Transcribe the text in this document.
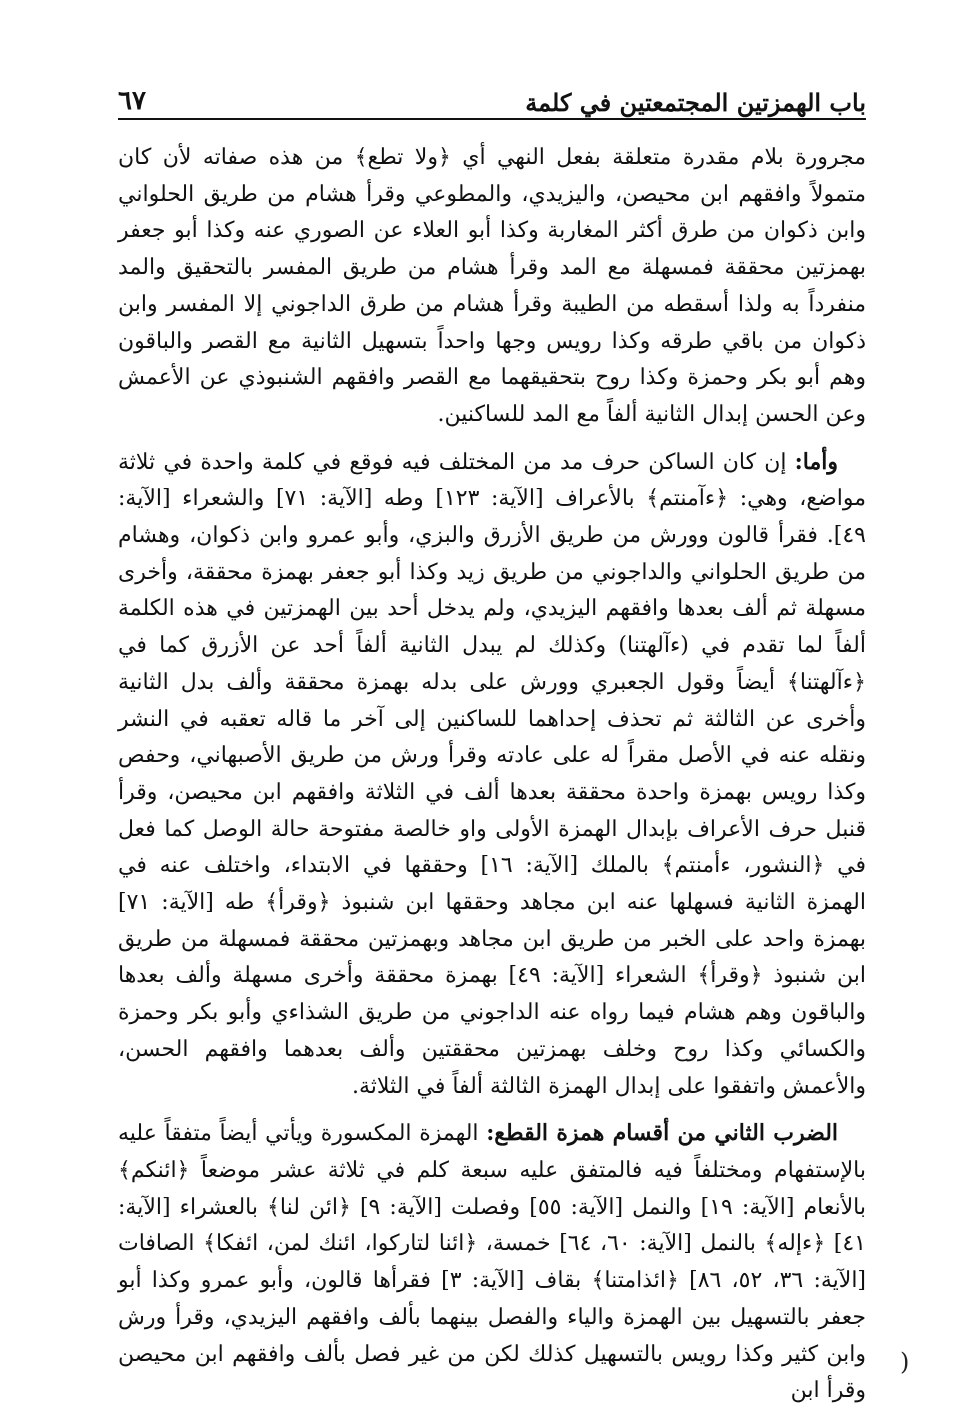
باب الهمزتين المجتمعتين في كلمة
٦٧

مجرورة بلام مقدرة متعلقة بفعل النهي أي ﴿ولا تطع﴾ من هذه صفاته لأن كان متمولاً وافقهم ابن محيصن، واليزيدي، والمطوعي وقرأ هشام من طريق الحلواني وابن ذكوان من طرق أكثر المغاربة وكذا أبو العلاء عن الصوري عنه وكذا أبو جعفر بهمزتين محققة فمسهلة مع المد وقرأ هشام من طريق المفسر بالتحقيق والمد منفرداً به ولذا أسقطه من الطيبة وقرأ هشام من طرق الداجوني إلا المفسر وابن ذكوان من باقي طرقه وكذا رويس وجها واحداً بتسهيل الثانية مع القصر والباقون وهم أبو بكر وحمزة وكذا روح بتحقيقهما مع القصر وافقهم الشنبوذي عن الأعمش وعن الحسن إبدال الثانية ألفاً مع المد للساكنين.

وأما: إن كان الساكن حرف مد من المختلف فيه فوقع في كلمة واحدة في ثلاثة مواضع، وهي: ﴿ءآمنتم﴾ بالأعراف [الآية: ١٢٣] وطه [الآية: ٧١] والشعراء [الآية: ٤٩]. فقرأ قالون وورش من طريق الأزرق والبزي، وأبو عمرو وابن ذكوان، وهشام من طريق الحلواني والداجوني من طريق زيد وكذا أبو جعفر بهمزة محققة، وأخرى مسهلة ثم ألف بعدها وافقهم اليزيدي، ولم يدخل أحد بين الهمزتين في هذه الكلمة ألفاً لما تقدم في (ءآلهتنا) وكذلك لم يبدل الثانية ألفاً أحد عن الأزرق كما في ﴿ءآلهتنا﴾ أيضاً وقول الجعبري وورش على بدله بهمزة محققة وألف بدل الثانية وأخرى عن الثالثة ثم تحذف إحداهما للساكنين إلى آخر ما قاله تعقبه في النشر ونقله عنه في الأصل مقراً له على عادته وقرأ ورش من طريق الأصبهاني، وحفص وكذا رويس بهمزة واحدة محققة بعدها ألف في الثلاثة وافقهم ابن محيصن، وقرأ قنبل حرف الأعراف بإبدال الهمزة الأولى واو خالصة مفتوحة حالة الوصل كما فعل في ﴿النشور، ءأمنتم﴾ بالملك [الآية: ١٦] وحققها في الابتداء، واختلف عنه في الهمزة الثانية فسهلها عنه ابن مجاهد وحققها ابن شنبوذ ﴿وقرأ﴾ طه [الآية: ٧١] بهمزة واحد على الخبر من طريق ابن مجاهد وبهمزتين محققة فمسهلة من طريق ابن شنبوذ ﴿وقرأ﴾ الشعراء [الآية: ٤٩] بهمزة محققة وأخرى مسهلة وألف بعدها والباقون وهم هشام فيما رواه عنه الداجوني من طريق الشذاءي وأبو بكر وحمزة والكسائي وكذا روح وخلف بهمزتين محققتين وألف بعدهما وافقهم الحسن، والأعمش واتفقوا على إبدال الهمزة الثالثة ألفاً في الثلاثة.

الضرب الثاني من أقسام همزة القطع: الهمزة المكسورة ويأتي أيضاً متفقاً عليه بالإستفهام ومختلفاً فيه فالمتفق عليه سبعة كلم في ثلاثة عشر موضعاً ﴿ائنكم﴾ بالأنعام [الآية: ١٩] والنمل [الآية: ٥٥] وفصلت [الآية: ٩] ﴿ائن لنا﴾ بالعشراء [الآية: ٤١] ﴿ءإله﴾ بالنمل [الآية: ٦٠، ٦٤] خمسة، ﴿ائنا لتاركوا، ائنك لمن، ائفكا﴾ الصافات [الآية: ٣٦، ٥٢، ٨٦] ﴿ائذامتنا﴾ بقاف [الآية: ٣] فقرأها قالون، وأبو عمرو وكذا أبو جعفر بالتسهيل بين الهمزة والياء والفصل بينهما بألف وافقهم اليزيدي، وقرأ ورش وابن كثير وكذا رويس بالتسهيل كذلك لكن من غير فصل بألف وافقهم ابن محيصن وقرأ ابن

(
